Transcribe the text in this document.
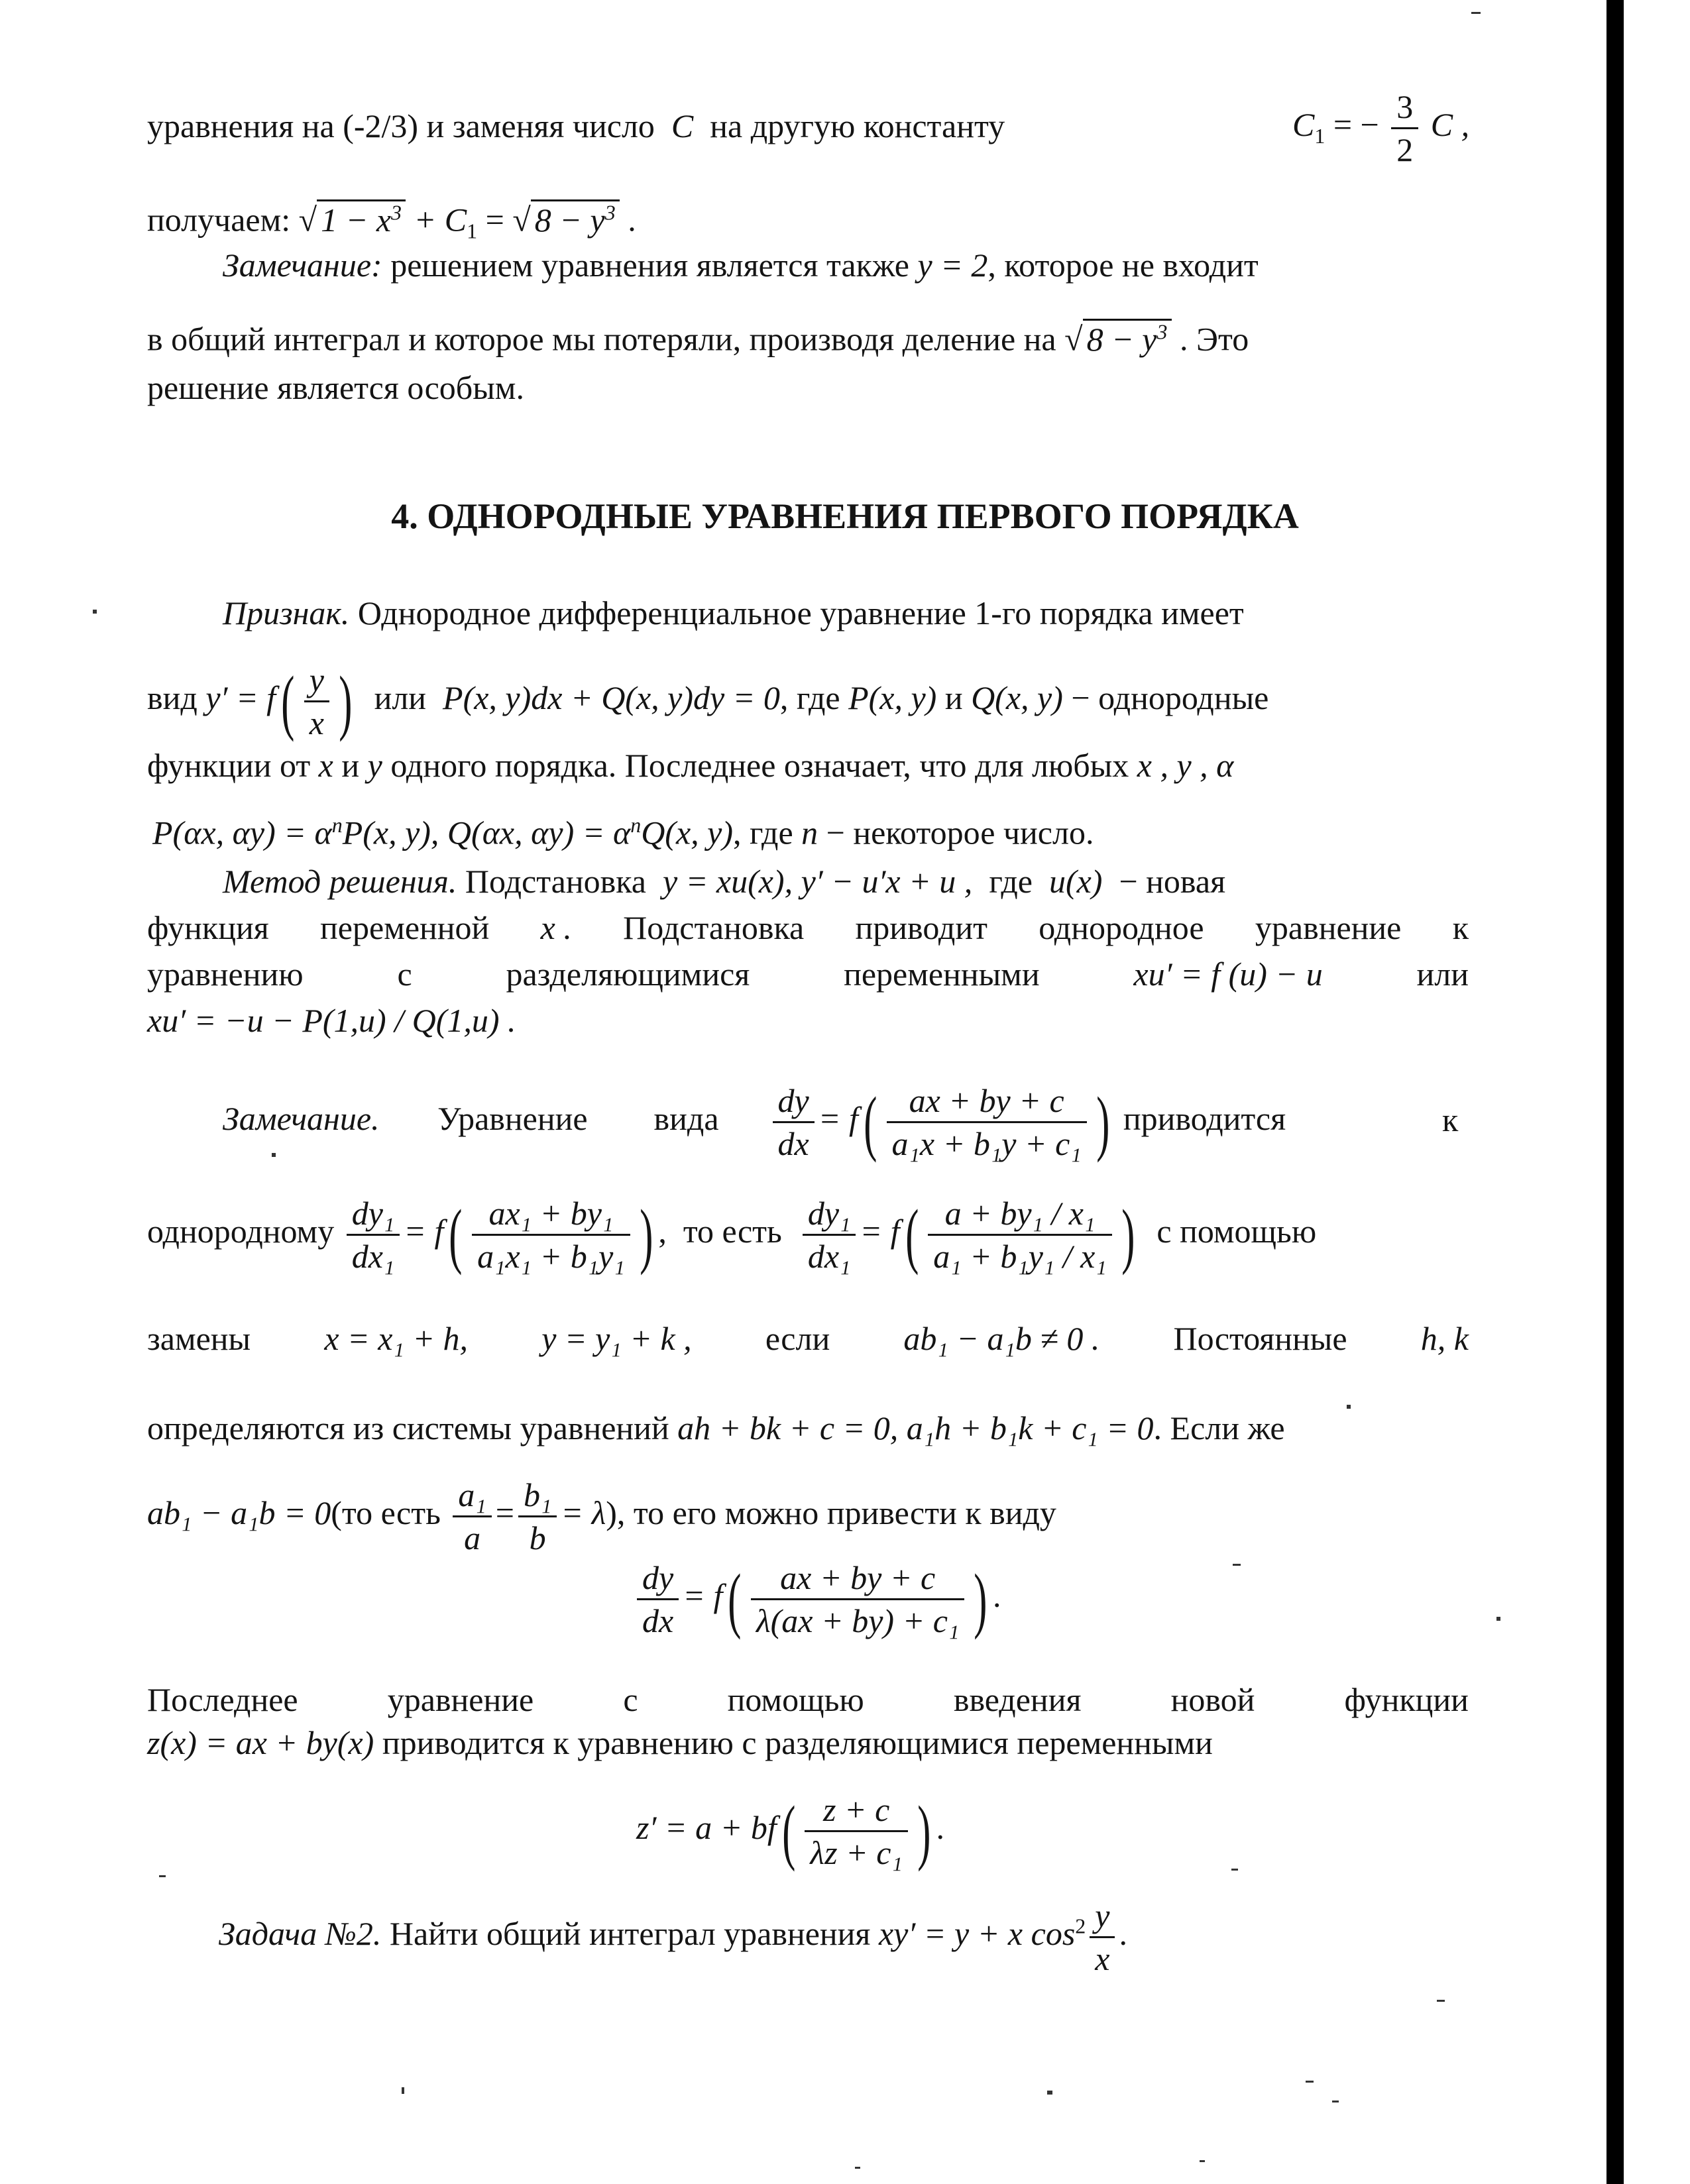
уравнения на (-2/3) и заменяя число C на другую константу	$C_1$ = − $\frac{3}{2}$ C ,
получаем: √ $1 - x^3 + C_1$ = √ $8 - y^3$ .
Замечание: решением уравнения является также y = 2, которое не входит
в общий интеграл и которое мы потеряли, производя деление на √ $8 - y^3$ . Это
решение является особым.
4. ОДНОРОДНЫЕ УРАВНЕНИЯ ПЕРВОГО ПОРЯДКА
Признак. Однородное дифференциальное уравнение 1-го порядка имеет
вид $y' = f( \frac{y}{x}$ ) или P(x, y)dx + Q(x, y)dy = 0, где P(x, y) и Q(x, y) − однородные
функции от x и y одного порядка. Последнее означает, что для любых x , y , α
P(αx, $\alpha y) = \alpha^nP(x$, y), Q(αx, $\alpha y) = \alpha^nQ(x$, y), где n − некоторое число.
Метод решения. Подстановка y = xu(x), y′ − u′x + u , где u(x) − новая
функция переменной x . Подстановка приводит однородное уравнение к
уравнению	с	разделяющимися	переменными	xu′ = f (u) − u	или
xu′ = −u − P(1,u) / Q(1,u) .
Замечание. Уравнение вида $\frac{dy}{dx} = f( \frac{ax + by + c}{\text{a₁x + b₁y + c₁}}$ ) приводится	к
однородному $\frac{\text{dy₁}}{\text{dx₁}} = f( \frac{\text{ax₁ + by₁}}{\text{a₁x₁ + b₁y₁}}$ ) , то есть $\frac{\text{dy₁}}{\text{dx₁}} = f( \frac{\text{a + by₁ / x₁}}{\text{a₁ + b₁y₁ / x₁}}$ ) с помощью
замены x = x₁ + h, y = y₁ + k , если ab₁ − a₁b ≠ 0 . Постоянные h, k
определяются из системы уравнений ah + bk + c = 0, a₁h + b₁k + c₁ = 0. Если же
ab₁ − a₁b = 0(то есть $\frac{\text{a₁}}{a} = \frac{\text{b₁}}{b} = \lambda$), то его можно привести к виду
$\frac{dy}{dx} = f( \frac{ax + by + c}{\text{λ(ax + by) + c₁}}$ ) .
Последнее	уравнение	с	помощью	введения	новой	функции
z(x) = ax + by(x) приводится к уравнению с разделяющимися переменными
$z' = a + bf( \frac{z + c}{\text{λz + c₁}}$ ) .
Задача №2. Найти общий интеграл уравнения xy′ = y + x $\cos^2 \frac{y}{x}$ .
